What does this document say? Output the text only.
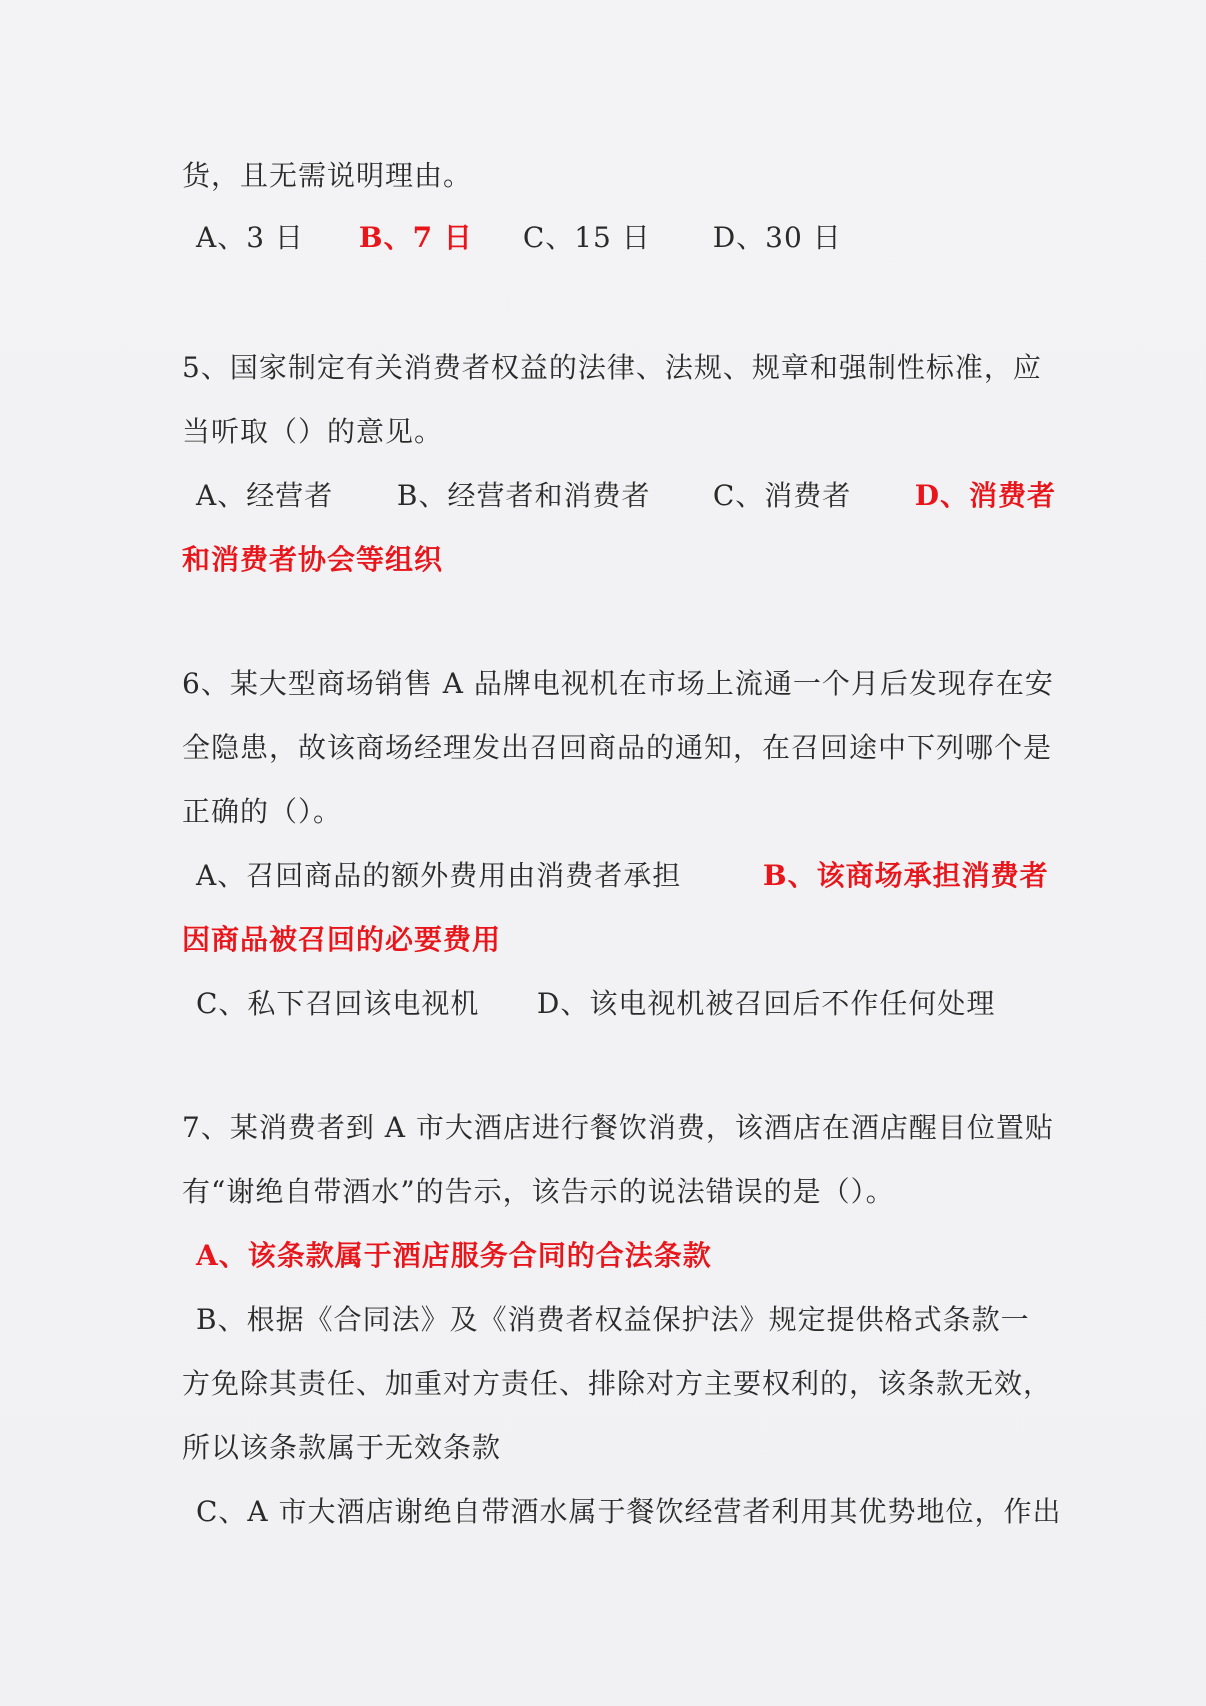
货，且无需说明理由。
A、3 日 B、7 日 C、15 日 D、30 日
5、国家制定有关消费者权益的法律、法规、规章和强制性标准，应
当听取（）的意见。
A、经营者 B、经营者和消费者 C、消费者 D、消费者
和消费者协会等组织
6、某大型商场销售 A 品牌电视机在市场上流通一个月后发现存在安
全隐患，故该商场经理发出召回商品的通知，在召回途中下列哪个是
正确的（）。
A、召回商品的额外费用由消费者承担	B、该商场承担消费者
因商品被召回的必要费用
C、私下召回该电视机 D、该电视机被召回后不作任何处理
7、某消费者到 A 市大酒店进行餐饮消费，该酒店在酒店醒目位置贴
有“谢绝自带酒水”的告示，该告示的说法错误的是（）。
A、该条款属于酒店服务合同的合法条款
B、根据《合同法》及《消费者权益保护法》规定提供格式条款一
方免除其责任、加重对方责任、排除对方主要权利的，该条款无效，
所以该条款属于无效条款
C、A 市大酒店谢绝自带酒水属于餐饮经营者利用其优势地位，作出
